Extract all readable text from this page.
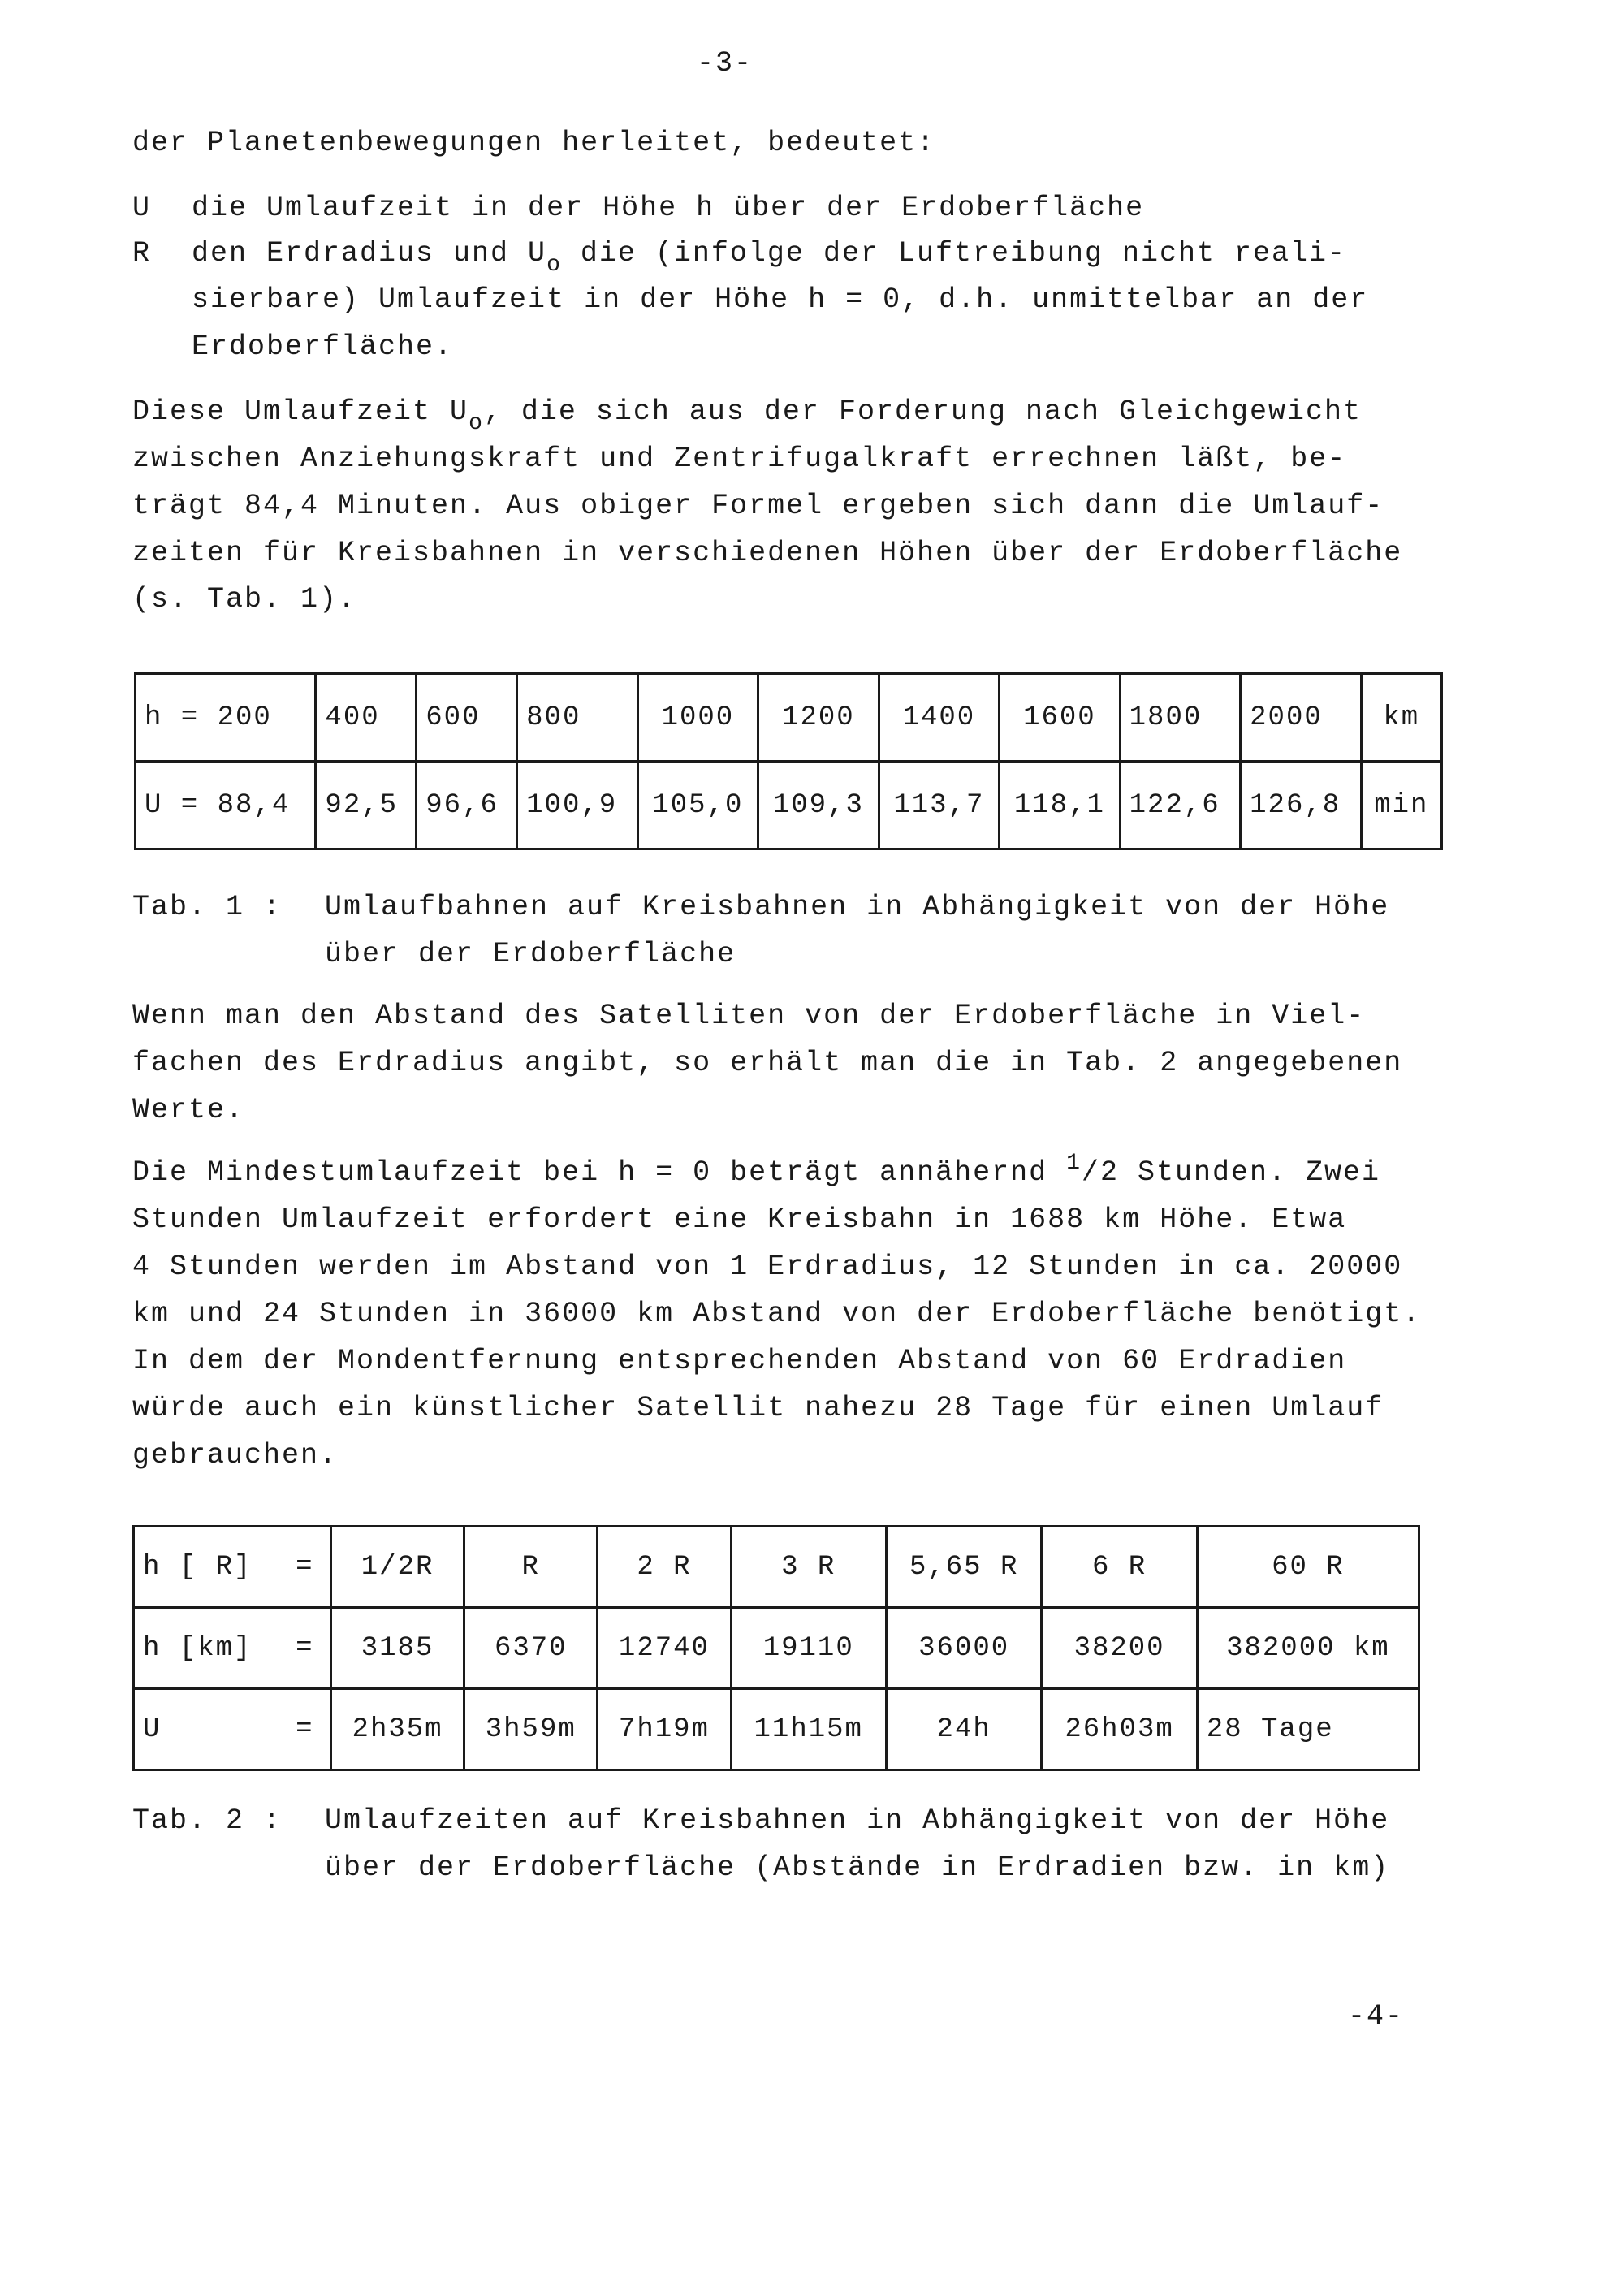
-3-
der Planetenbewegungen herleitet, bedeutet:
U die Umlaufzeit in der Höhe h über der Erdoberfläche
R den Erdradius und $U_o$ die (infolge der Luftreibung nicht reali-
sierbare) Umlaufzeit in der Höhe h = 0, d.h. unmittelbar an der
Erdoberfläche.
Diese Umlaufzeit $U_o$, die sich aus der Forderung nach Gleichgewicht
zwischen Anziehungskraft und Zentrifugalkraft errechnen läßt, be-
trägt 84,4 Minuten. Aus obiger Formel ergeben sich dann die Umlauf-
zeiten für Kreisbahnen in verschiedenen Höhen über der Erdoberfläche
(s. Tab. 1).
h = 200	400	600	800	1000	1200	1400	1600	1800	2000	km
U = 88,4	92,5	96,6	100,9	105,0	109,3	113,7	118,1	122,6	126,8	min
Tab. 1 : Umlaufbahnen auf Kreisbahnen in Abhängigkeit von der Höhe
über der Erdoberfläche
Wenn man den Abstand des Satelliten von der Erdoberfläche in Viel-
fachen des Erdradius angibt, so erhält man die in Tab. 2 angegebenen
Werte.
Die Mindestumlaufzeit bei h = 0 beträgt annähernd $^1$/2 Stunden. Zwei
Stunden Umlaufzeit erfordert eine Kreisbahn in 1688 km Höhe. Etwa
4 Stunden werden im Abstand von 1 Erdradius, 12 Stunden in ca. 20000
km und 24 Stunden in 36000 km Abstand von der Erdoberfläche benötigt.
In dem der Mondentfernung entsprechenden Abstand von 60 Erdradien
würde auch ein künstlicher Satellit nahezu 28 Tage für einen Umlauf
gebrauchen.
h [ R]	=	1/2R	R	2 R	3 R	5,65 R	6 R	60 R
h [km]	=	3185	6370	12740	19110	36000	38200	382000 km
U	=	2h35m	3h59m	7h19m	11h15m	24h	26h03m	28 Tage
Tab. 2 : Umlaufzeiten auf Kreisbahnen in Abhängigkeit von der Höhe
über der Erdoberfläche (Abstände in Erdradien bzw. in km)
-4-
